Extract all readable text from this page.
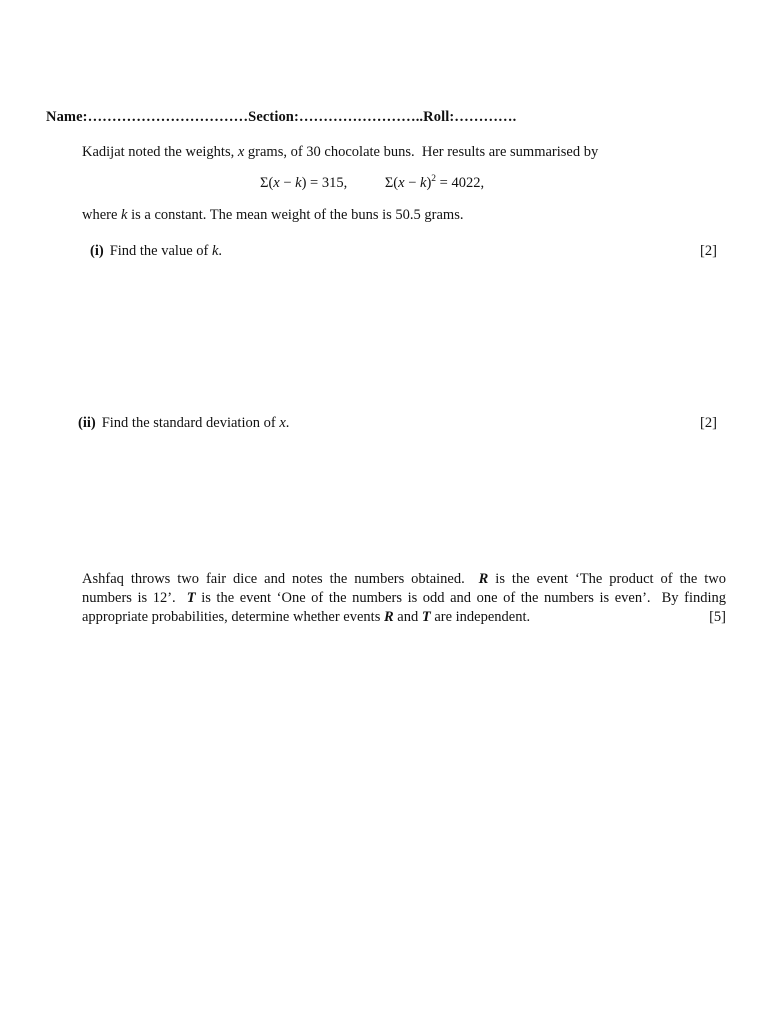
Name:……………………………Section:……………………..Roll:………….
Kadijat noted the weights, x grams, of 30 chocolate buns.  Her results are summarised by
Σ(x − k) = 315,	$\Sigma(x - k)^2 = 4022$,
where k is a constant. The mean weight of the buns is 50.5 grams.
(i) Find the value of k.	[2]
(ii) Find the standard deviation of x.	[2]
Ashfaq throws two fair dice and notes the numbers obtained.  R is the event ‘The product of the two
numbers is 12’.  T is the event ‘One of the numbers is odd and one of the numbers is even’.  By finding
appropriate probabilities, determine whether events R and T are independent.	[5]
